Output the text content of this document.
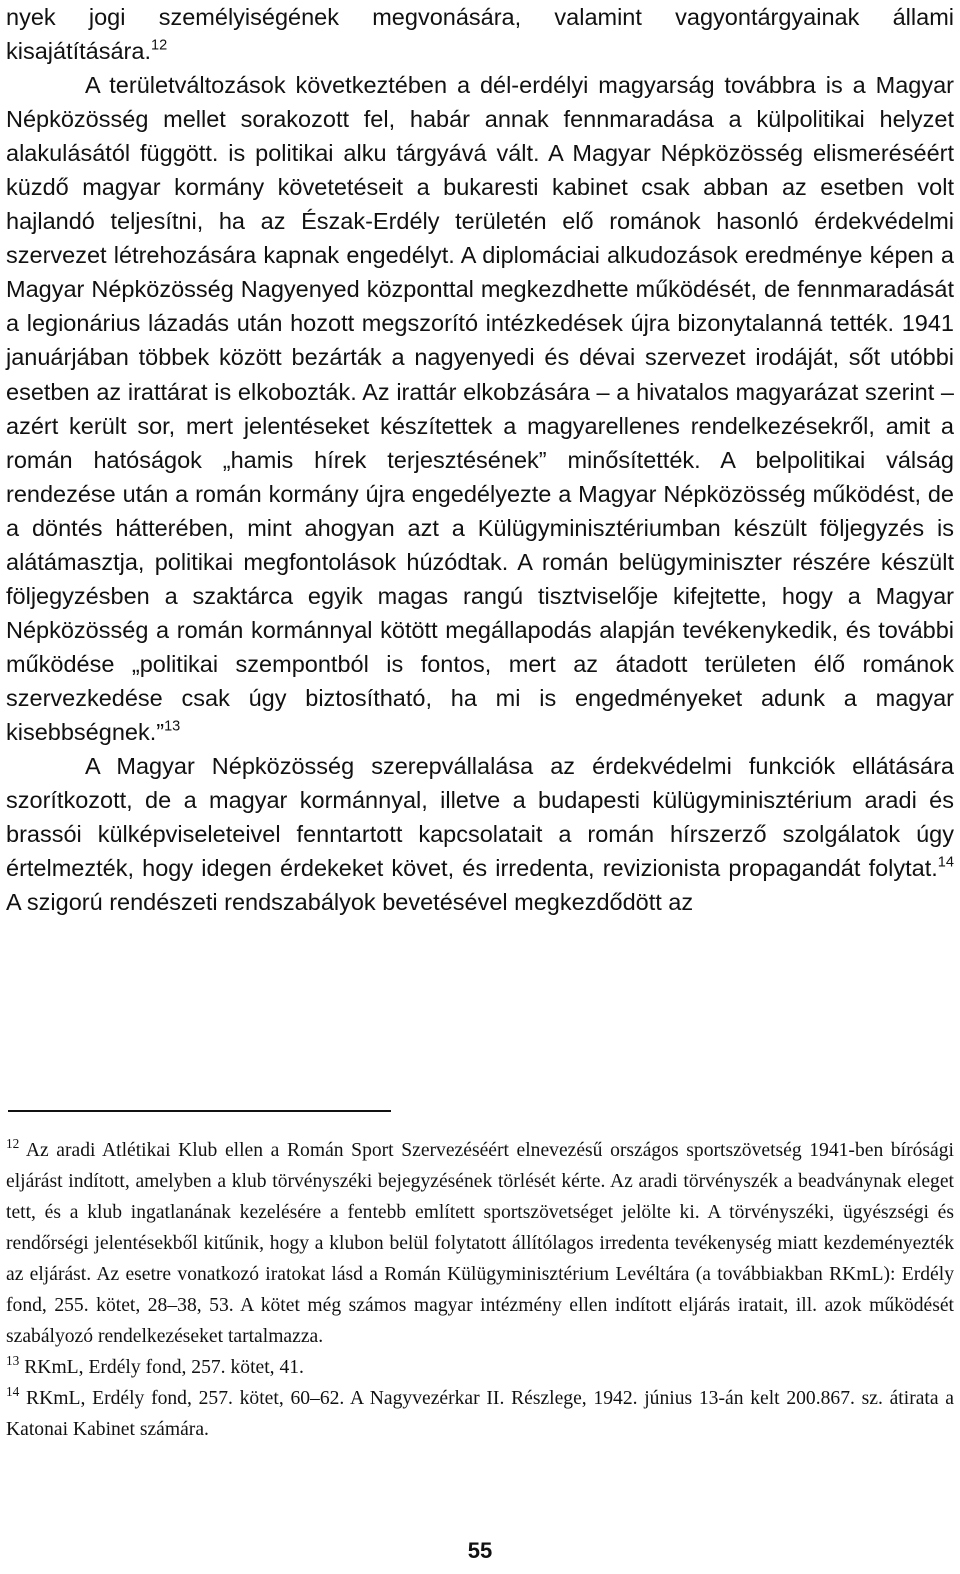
nyek jogi személyiségének megvonására, valamint vagyontárgyainak állami kisajátítására.$^{12}$

A területváltozások következtében a dél-erdélyi magyarság továbbra is a Magyar Népközösség mellet sorakozott fel, habár annak fennmaradása a külpolitikai helyzet alakulásától függött. is politikai alku tárgyává vált. A Magyar Népközösség elismeréséért küzdő magyar kormány követetéseit a bukaresti kabinet csak abban az esetben volt hajlandó teljesítni, ha az Észak-Erdély területén elő románok hasonló érdekvédelmi szervezet létrehozására kapnak engedélyt. A diplomáciai alkudozások eredménye képen a Magyar Népközösség Nagyenyed központtal megkezdhette működését, de fennmaradását a legionárius lázadás után hozott megszorító intézkedések újra bizonytalanná tették. 1941 januárjában többek között bezárták a nagyenyedi és dévai szervezet irodáját, sőt utóbbi esetben az irattárat is elkobozták. Az irattár elkobzására – a hivatalos magyarázat szerint – azért került sor, mert jelentéseket készítettek a magyarellenes rendelkezésekről, amit a román hatóságok „hamis hírek terjesztésének” minősítették. A belpolitikai válság rendezése után a román kormány újra engedélyezte a Magyar Népközösség működést, de a döntés hátterében, mint ahogyan azt a Külügyminisztériumban készült följegyzés is alátámasztja, politikai megfontolások húzódtak. A román belügyminiszter részére készült följegyzésben a szaktárca egyik magas rangú tisztviselője kifejtette, hogy a Magyar Népközösség a román kormánnyal kötött megállapodás alapján tevékenykedik, és további működése „politikai szempontból is fontos, mert az átadott területen élő románok szervezkedése csak úgy biztosítható, ha mi is engedményeket adunk a magyar kisebbségnek.”$^{13}$

A Magyar Népközösség szerepvállalása az érdekvédelmi funkciók ellátására szorítkozott, de a magyar kormánnyal, illetve a budapesti külügyminisztérium aradi és brassói külképviseleteivel fenntartott kapcsolatait a román hírszerző szolgálatok úgy értelmezték, hogy idegen érdekeket követ, és irredenta, revizionista propagandát folytat.$^{14}$ A szigorú rendészeti rendszabályok bevetésével megkezdődött az

$^{12}$ Az aradi Atlétikai Klub ellen a Román Sport Szervezéséért elnevezésű országos sportszövetség 1941-ben bírósági eljárást indított, amelyben a klub törvényszéki bejegyzésének törlését kérte. Az aradi törvényszék a beadványnak eleget tett, és a klub ingatlanának kezelésére a fentebb említett sportszövetséget jelölte ki. A törvényszéki, ügyészségi és rendőrségi jelentésekből kitűnik, hogy a klubon belül folytatott állítólagos irredenta tevékenység miatt kezdeményezték az eljárást. Az esetre vonatkozó iratokat lásd a Román Külügyminisztérium Levéltára (a továbbiakban RKmL): Erdély fond, 255. kötet, 28–38, 53. A kötet még számos magyar intézmény ellen indított eljárás iratait, ill. azok működését szabályozó rendelkezéseket tartalmazza.

$^{13}$ RKmL, Erdély fond, 257. kötet, 41.

$^{14}$ RKmL, Erdély fond, 257. kötet, 60–62. A Nagyvezérkar II. Részlege, 1942. június 13-án kelt 200.867. sz. átirata a Katonai Kabinet számára.

55
